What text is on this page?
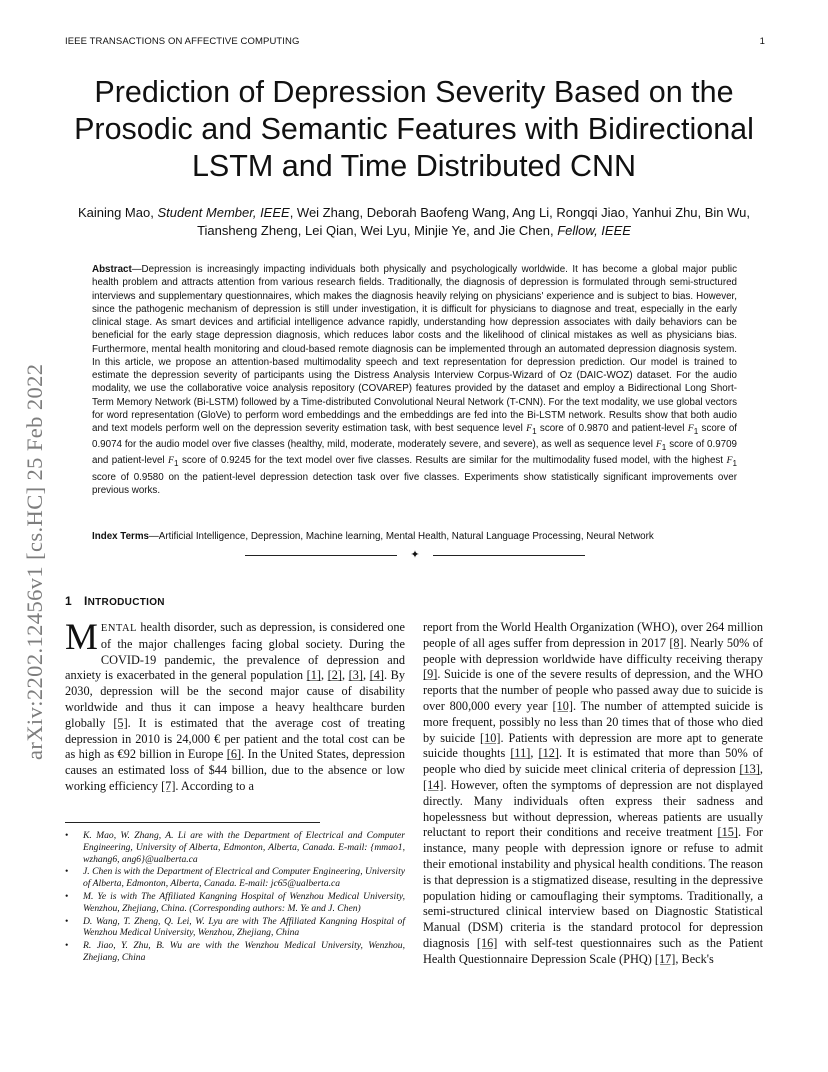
IEEE TRANSACTIONS ON AFFECTIVE COMPUTING	1
arXiv:2202.12456v1 [cs.HC] 25 Feb 2022
Prediction of Depression Severity Based on the Prosodic and Semantic Features with Bidirectional LSTM and Time Distributed CNN
Kaining Mao, Student Member, IEEE, Wei Zhang, Deborah Baofeng Wang, Ang Li, Rongqi Jiao, Yanhui Zhu, Bin Wu, Tiansheng Zheng, Lei Qian, Wei Lyu, Minjie Ye, and Jie Chen, Fellow, IEEE
Abstract—Depression is increasingly impacting individuals both physically and psychologically worldwide. It has become a global major public health problem and attracts attention from various research fields. Traditionally, the diagnosis of depression is formulated through semi-structured interviews and supplementary questionnaires, which makes the diagnosis heavily relying on physicians' experience and is subject to bias. However, since the pathogenic mechanism of depression is still under investigation, it is difficult for physicians to diagnose and treat, especially in the early clinical stage. As smart devices and artificial intelligence advance rapidly, understanding how depression associates with daily behaviors can be beneficial for the early stage depression diagnosis, which reduces labor costs and the likelihood of clinical mistakes as well as physicians bias. Furthermore, mental health monitoring and cloud-based remote diagnosis can be implemented through an automated depression diagnosis system. In this article, we propose an attention-based multimodality speech and text representation for depression prediction. Our model is trained to estimate the depression severity of participants using the Distress Analysis Interview Corpus-Wizard of Oz (DAIC-WOZ) dataset. For the audio modality, we use the collaborative voice analysis repository (COVAREP) features provided by the dataset and employ a Bidirectional Long Short-Term Memory Network (Bi-LSTM) followed by a Time-distributed Convolutional Neural Network (T-CNN). For the text modality, we use global vectors for word representation (GloVe) to perform word embeddings and the embeddings are fed into the Bi-LSTM network. Results show that both audio and text models perform well on the depression severity estimation task, with best sequence level $F_1$ score of 0.9870 and patient-level $F_1$ score of 0.9074 for the audio model over five classes (healthy, mild, moderate, moderately severe, and severe), as well as sequence level $F_1$ score of 0.9709 and patient-level $F_1$ score of 0.9245 for the text model over five classes. Results are similar for the multimodality fused model, with the highest $F_1$ score of 0.9580 on the patient-level depression detection task over five classes. Experiments show statistically significant improvements over previous works.
Index Terms—Artificial Intelligence, Depression, Machine learning, Mental Health, Natural Language Processing, Neural Network
✦
1 INTRODUCTION

MENTAL health disorder, such as depression, is considered one of the major challenges facing global society. During the COVID-19 pandemic, the prevalence of depression and anxiety is exacerbated in the general population [1], [2], [3], [4]. By 2030, depression will be the second major cause of disability worldwide and thus it can impose a heavy healthcare burden globally [5]. It is estimated that the average cost of treating depression in 2010 is 24,000 € per patient and the total cost can be as high as €92 billion in Europe [6]. In the United States, depression causes an estimated loss of $44 billion, due to the absence or low working efficiency [7]. According to a

• K. Mao, W. Zhang, A. Li are with the Department of Electrical and Computer Engineering, University of Alberta, Edmonton, Alberta, Canada. E-mail: {mmao1, wzhang6, ang6}@ualberta.ca
• J. Chen is with the Department of Electrical and Computer Engineering, University of Alberta, Edmonton, Alberta, Canada. E-mail: jc65@ualberta.ca
• M. Ye is with The Affiliated Kangning Hospital of Wenzhou Medical University, Wenzhou, Zhejiang, China. (Corresponding authors: M. Ye and J. Chen)
• D. Wang, T. Zheng, Q. Lei, W. Lyu are with The Affiliated Kangning Hospital of Wenzhou Medical University, Wenzhou, Zhejiang, China
• R. Jiao, Y. Zhu, B. Wu are with the Wenzhou Medical University, Wenzhou, Zhejiang, China

report from the World Health Organization (WHO), over 264 million people of all ages suffer from depression in 2017 [8]. Nearly 50% of people with depression worldwide have difficulty receiving therapy [9]. Suicide is one of the severe results of depression, and the WHO reports that the number of people who passed away due to suicide is over 800,000 every year [10]. The number of attempted suicide is more frequent, possibly no less than 20 times that of those who died by suicide [10]. Patients with depression are more apt to generate suicide thoughts [11], [12]. It is estimated that more than 50% of people who died by suicide meet clinical criteria of depression [13], [14]. However, often the symptoms of depression are not displayed directly. Many individuals often express their sadness and hopelessness but without depression, whereas patients are usually reluctant to report their conditions and receive treatment [15]. For instance, many people with depression ignore or refuse to admit their emotional instability and physical health conditions. The reason is that depression is a stigmatized disease, resulting in the depressive population hiding or camouflaging their symptoms. Traditionally, a semi-structured clinical interview based on Diagnostic Statistical Manual (DSM) criteria is the standard protocol for depression diagnosis [16] with self-test questionnaires such as the Patient Health Questionnaire Depression Scale (PHQ) [17], Beck's
